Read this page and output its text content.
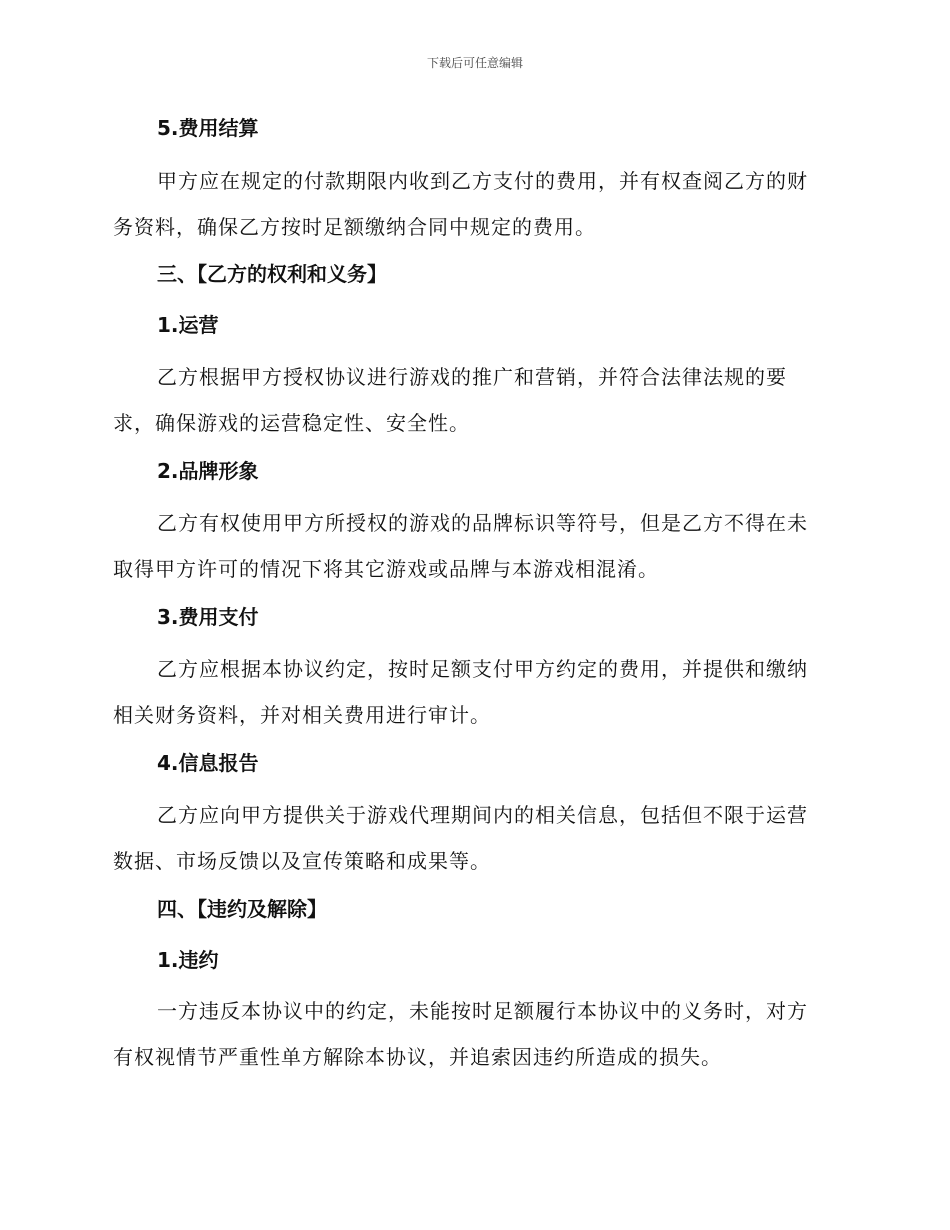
下载后可任意编辑
5.费用结算
甲方应在规定的付款期限内收到乙方支付的费用，并有权查阅乙方的财
务资料，确保乙方按时足额缴纳合同中规定的费用。
三、【乙方的权利和义务】
1.运营
乙方根据甲方授权协议进行游戏的推广和营销，并符合法律法规的要
求，确保游戏的运营稳定性、安全性。
2.品牌形象
乙方有权使用甲方所授权的游戏的品牌标识等符号，但是乙方不得在未
取得甲方许可的情况下将其它游戏或品牌与本游戏相混淆。
3.费用支付
乙方应根据本协议约定，按时足额支付甲方约定的费用，并提供和缴纳
相关财务资料，并对相关费用进行审计。
4.信息报告
乙方应向甲方提供关于游戏代理期间内的相关信息，包括但不限于运营
数据、市场反馈以及宣传策略和成果等。
四、【违约及解除】
1.违约
一方违反本协议中的约定，未能按时足额履行本协议中的义务时，对方
有权视情节严重性单方解除本协议，并追索因违约所造成的损失。
